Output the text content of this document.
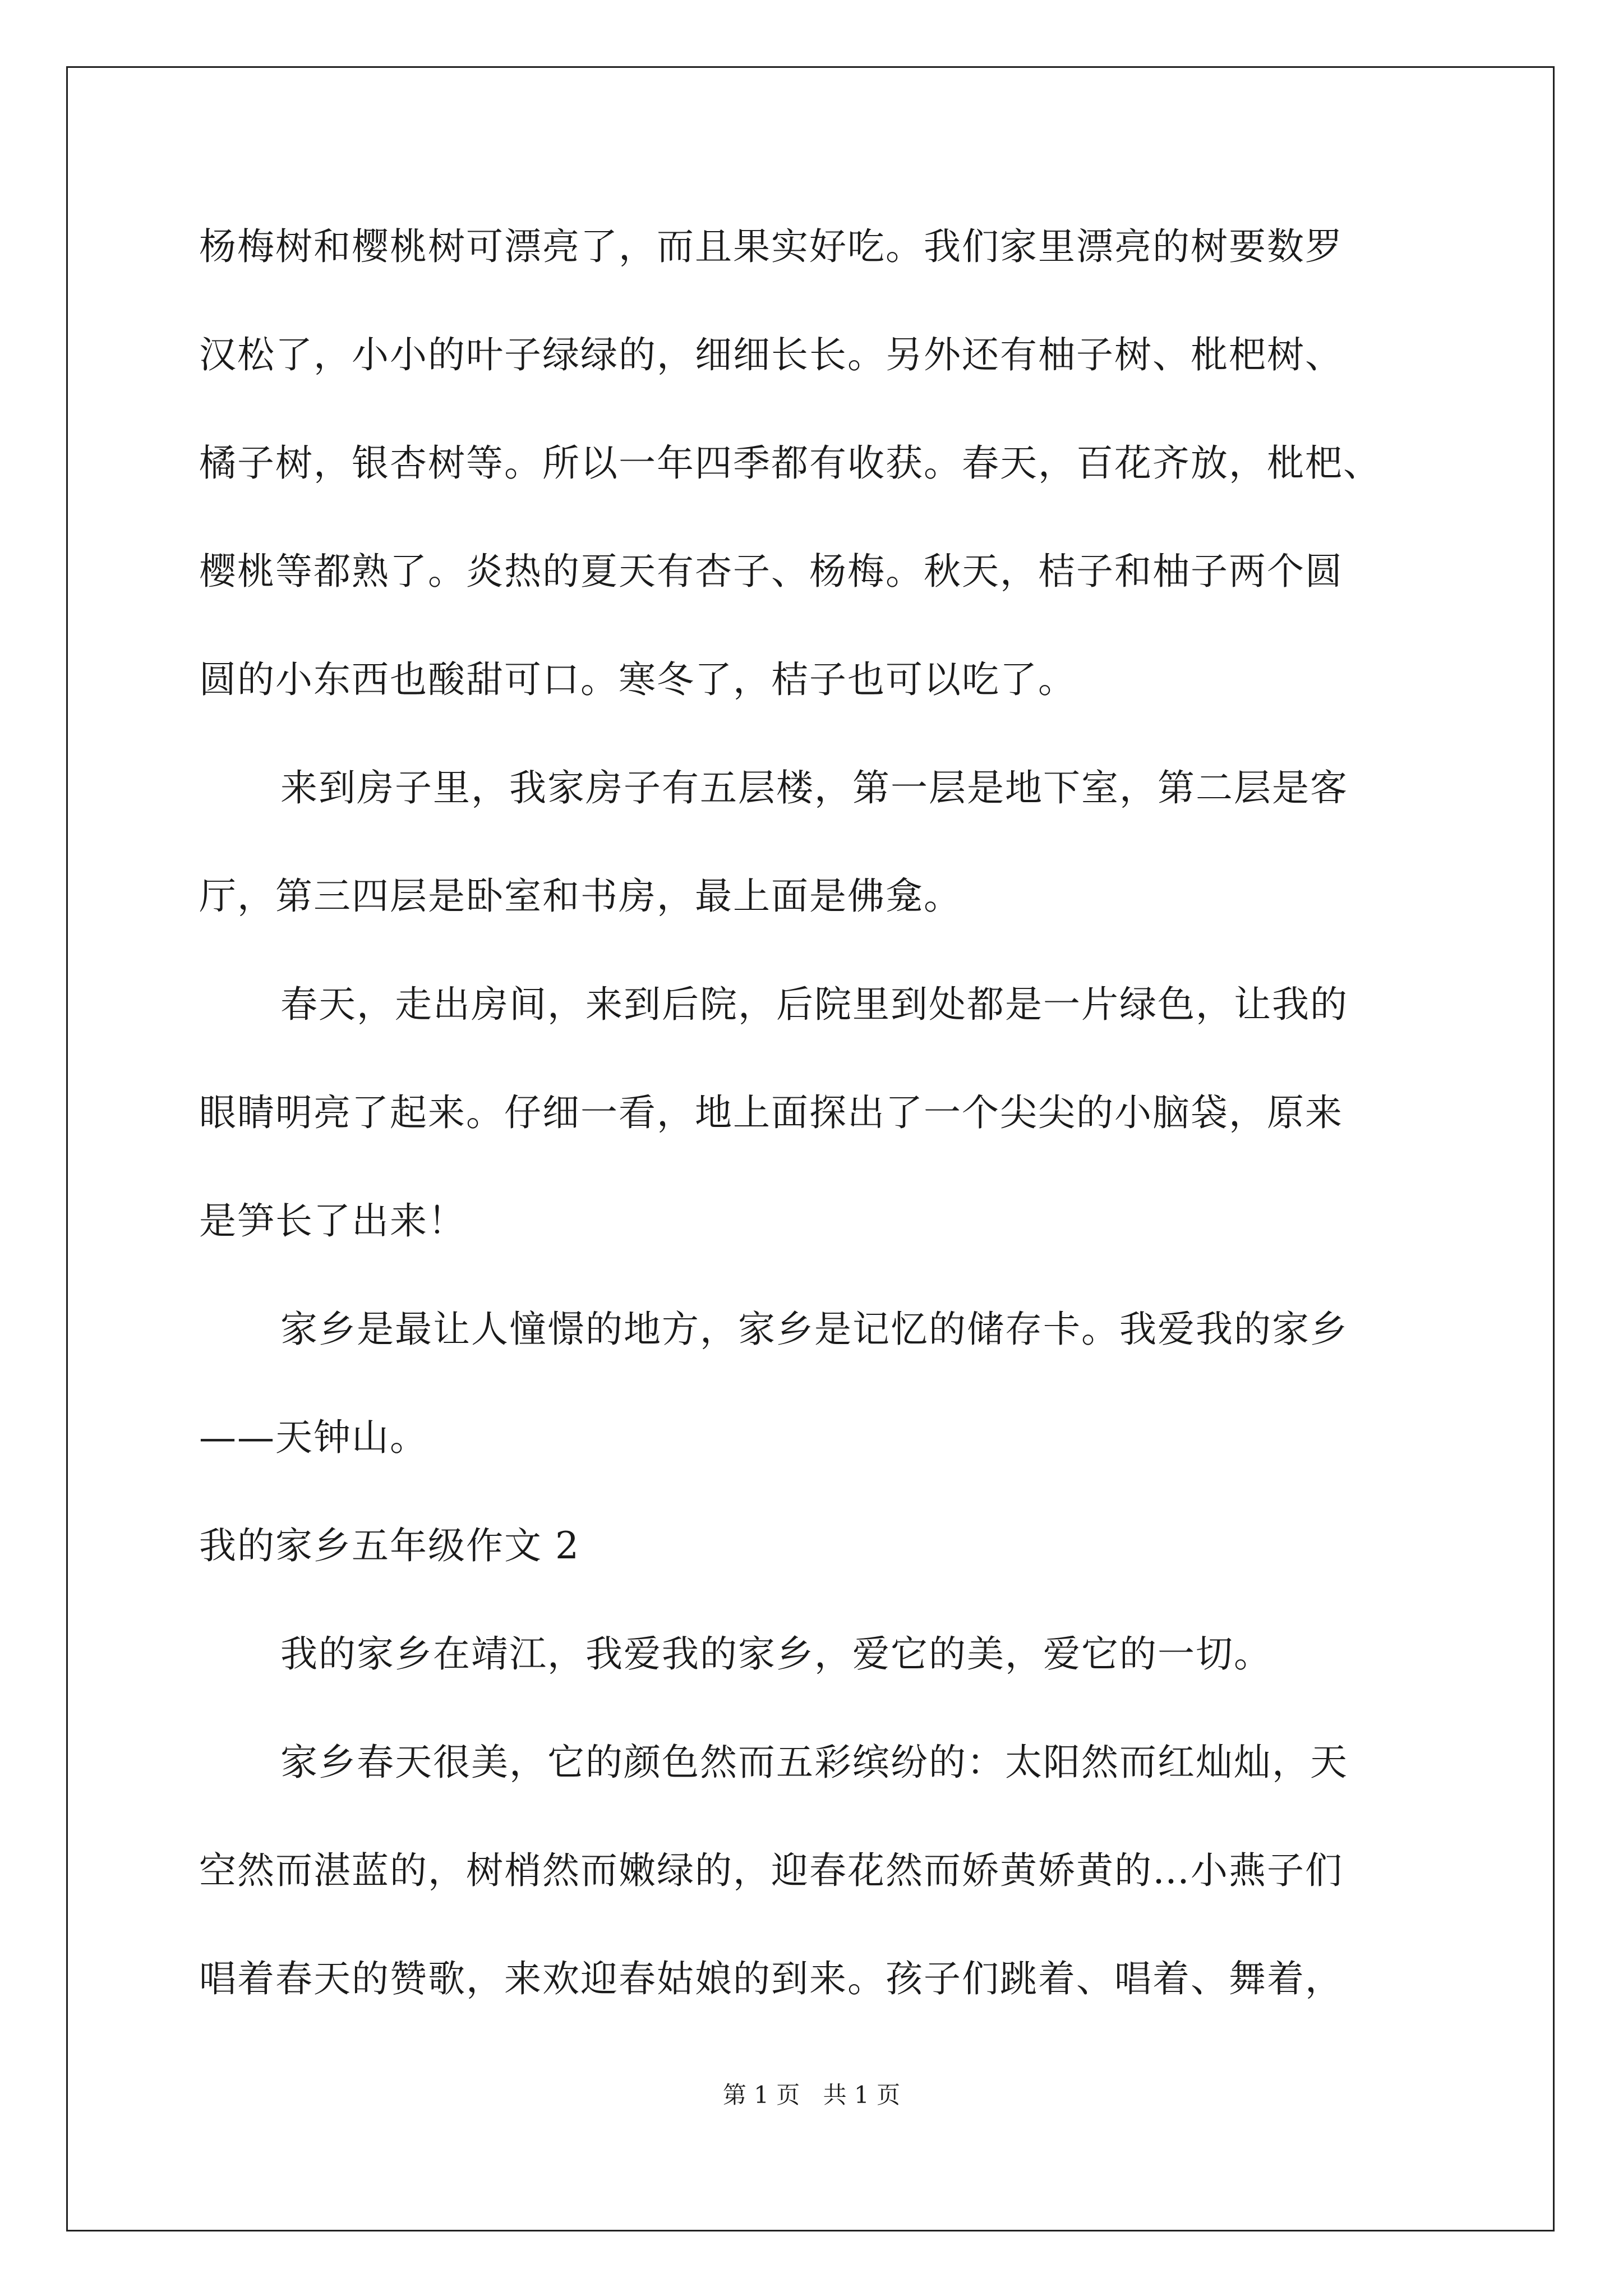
杨梅树和樱桃树可漂亮了，而且果实好吃。我们家里漂亮的树要数罗
汉松了，小小的叶子绿绿的，细细长长。另外还有柚子树、枇杷树、
橘子树，银杏树等。所以一年四季都有收获。春天，百花齐放，枇杷、
樱桃等都熟了。炎热的夏天有杏子、杨梅。秋天，桔子和柚子两个圆
圆的小东西也酸甜可口。寒冬了，桔子也可以吃了。
来到房子里，我家房子有五层楼，第一层是地下室，第二层是客
厅，第三四层是卧室和书房，最上面是佛龛。
春天，走出房间，来到后院，后院里到处都是一片绿色，让我的
眼睛明亮了起来。仔细一看，地上面探出了一个尖尖的小脑袋，原来
是笋长了出来！
家乡是最让人憧憬的地方，家乡是记忆的储存卡。我爱我的家乡
——天钟山。
我的家乡五年级作文 2
我的家乡在靖江，我爱我的家乡，爱它的美，爱它的一切。
家乡春天很美，它的颜色然而五彩缤纷的：太阳然而红灿灿，天
空然而湛蓝的，树梢然而嫩绿的，迎春花然而娇黄娇黄的…小燕子们
唱着春天的赞歌，来欢迎春姑娘的到来。孩子们跳着、唱着、舞着，
第 1 页 共 1 页
